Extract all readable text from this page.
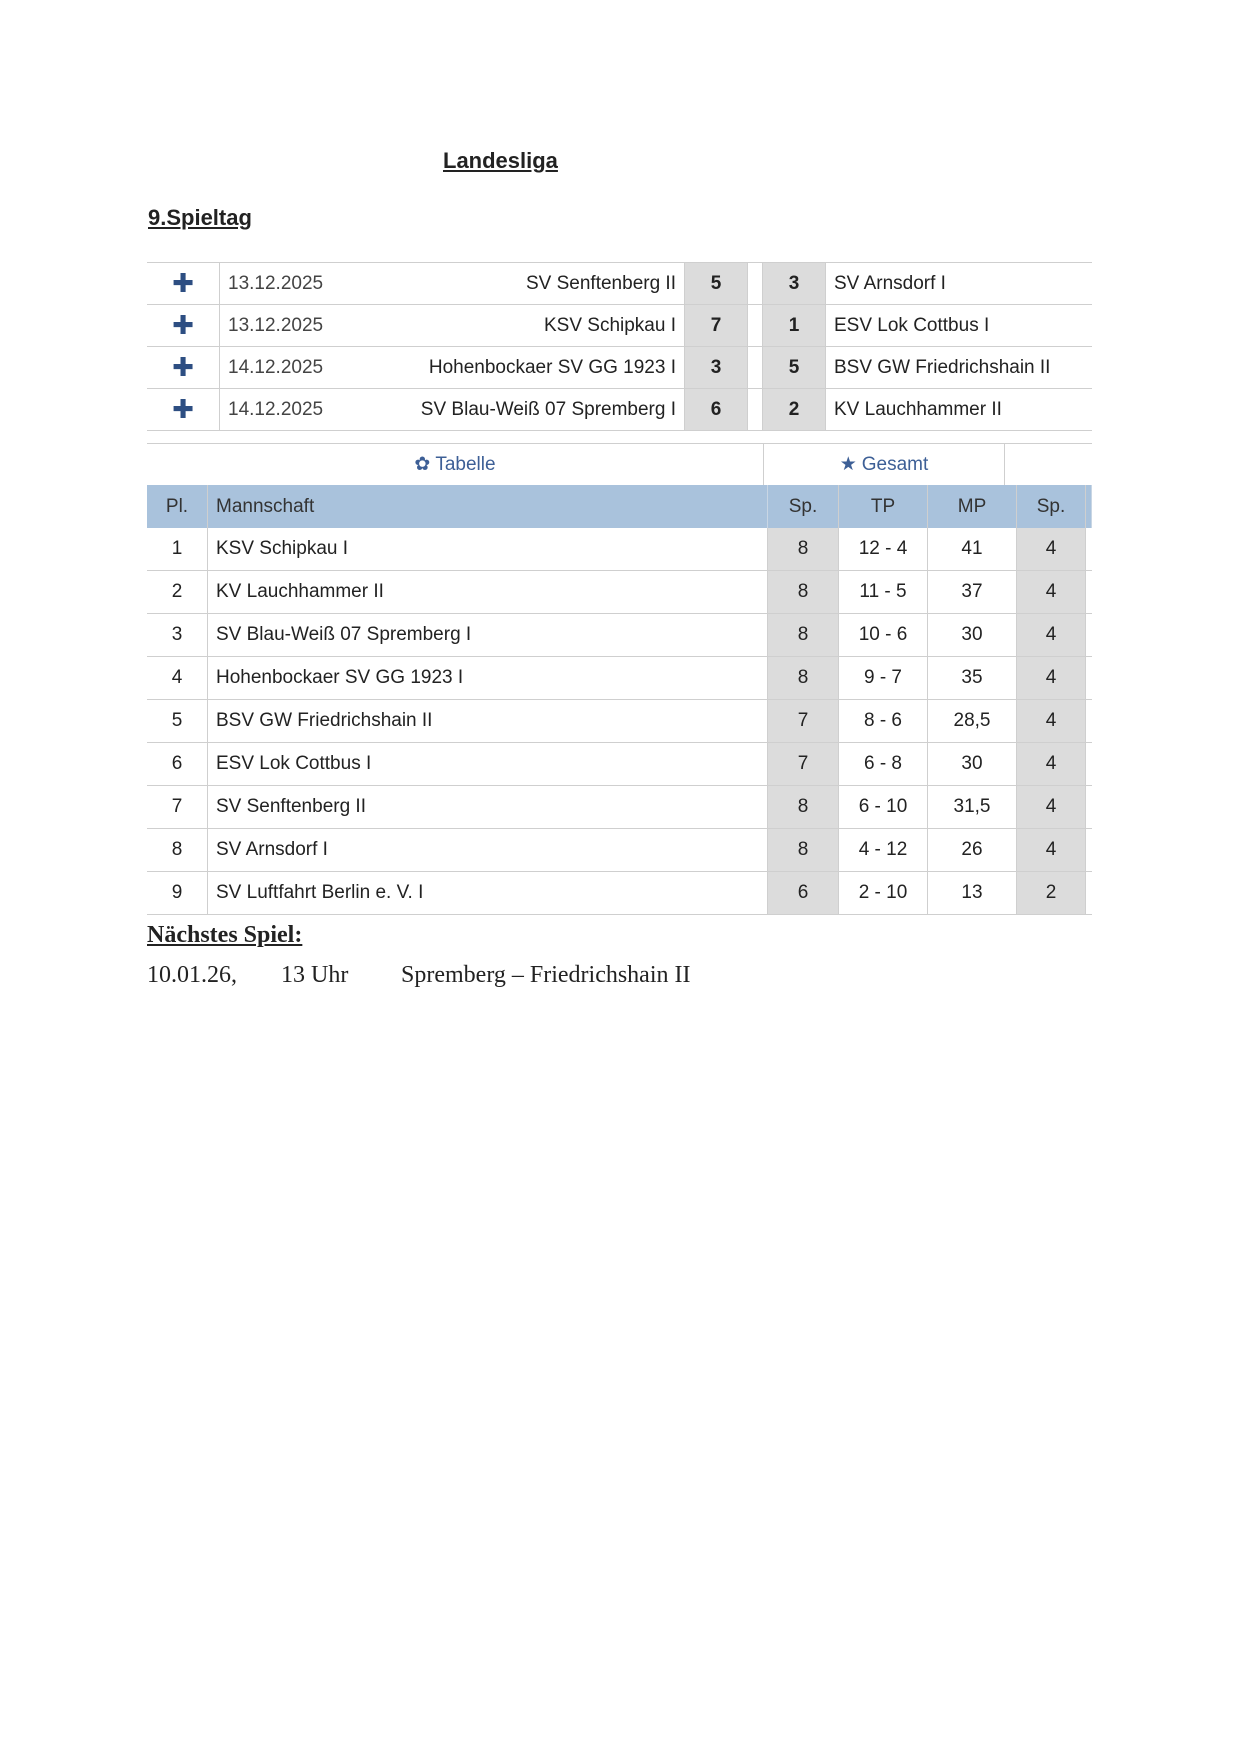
Landesliga
9.Spieltag
✚	13.12.2025	SV Senftenberg II	5		3	SV Arnsdorf I
✚	13.12.2025	KSV Schipkau I	7		1	ESV Lok Cottbus I
✚	14.12.2025	Hohenbockaer SV GG 1923 I	3		5	BSV GW Friedrichshain II
✚	14.12.2025	SV Blau-Weiß 07 Spremberg I	6		2	KV Lauchhammer II
✿ Tabelle	★ Gesamt
Pl.	Mannschaft	Sp.	TP	MP	Sp.	
1	KSV Schipkau I	8	12 - 4	41	4	
2	KV Lauchhammer II	8	11 - 5	37	4	
3	SV Blau-Weiß 07 Spremberg I	8	10 - 6	30	4	
4	Hohenbockaer SV GG 1923 I	8	9 - 7	35	4	
5	BSV GW Friedrichshain II	7	8 - 6	28,5	4	
6	ESV Lok Cottbus I	7	6 - 8	30	4	
7	SV Senftenberg II	8	6 - 10	31,5	4	
8	SV Arnsdorf I	8	4 - 12	26	4	
9	SV Luftfahrt Berlin e. V. I	6	2 - 10	13	2	
Nächstes Spiel:
10.01.26, 13 Uhr Spremberg – Friedrichshain II
